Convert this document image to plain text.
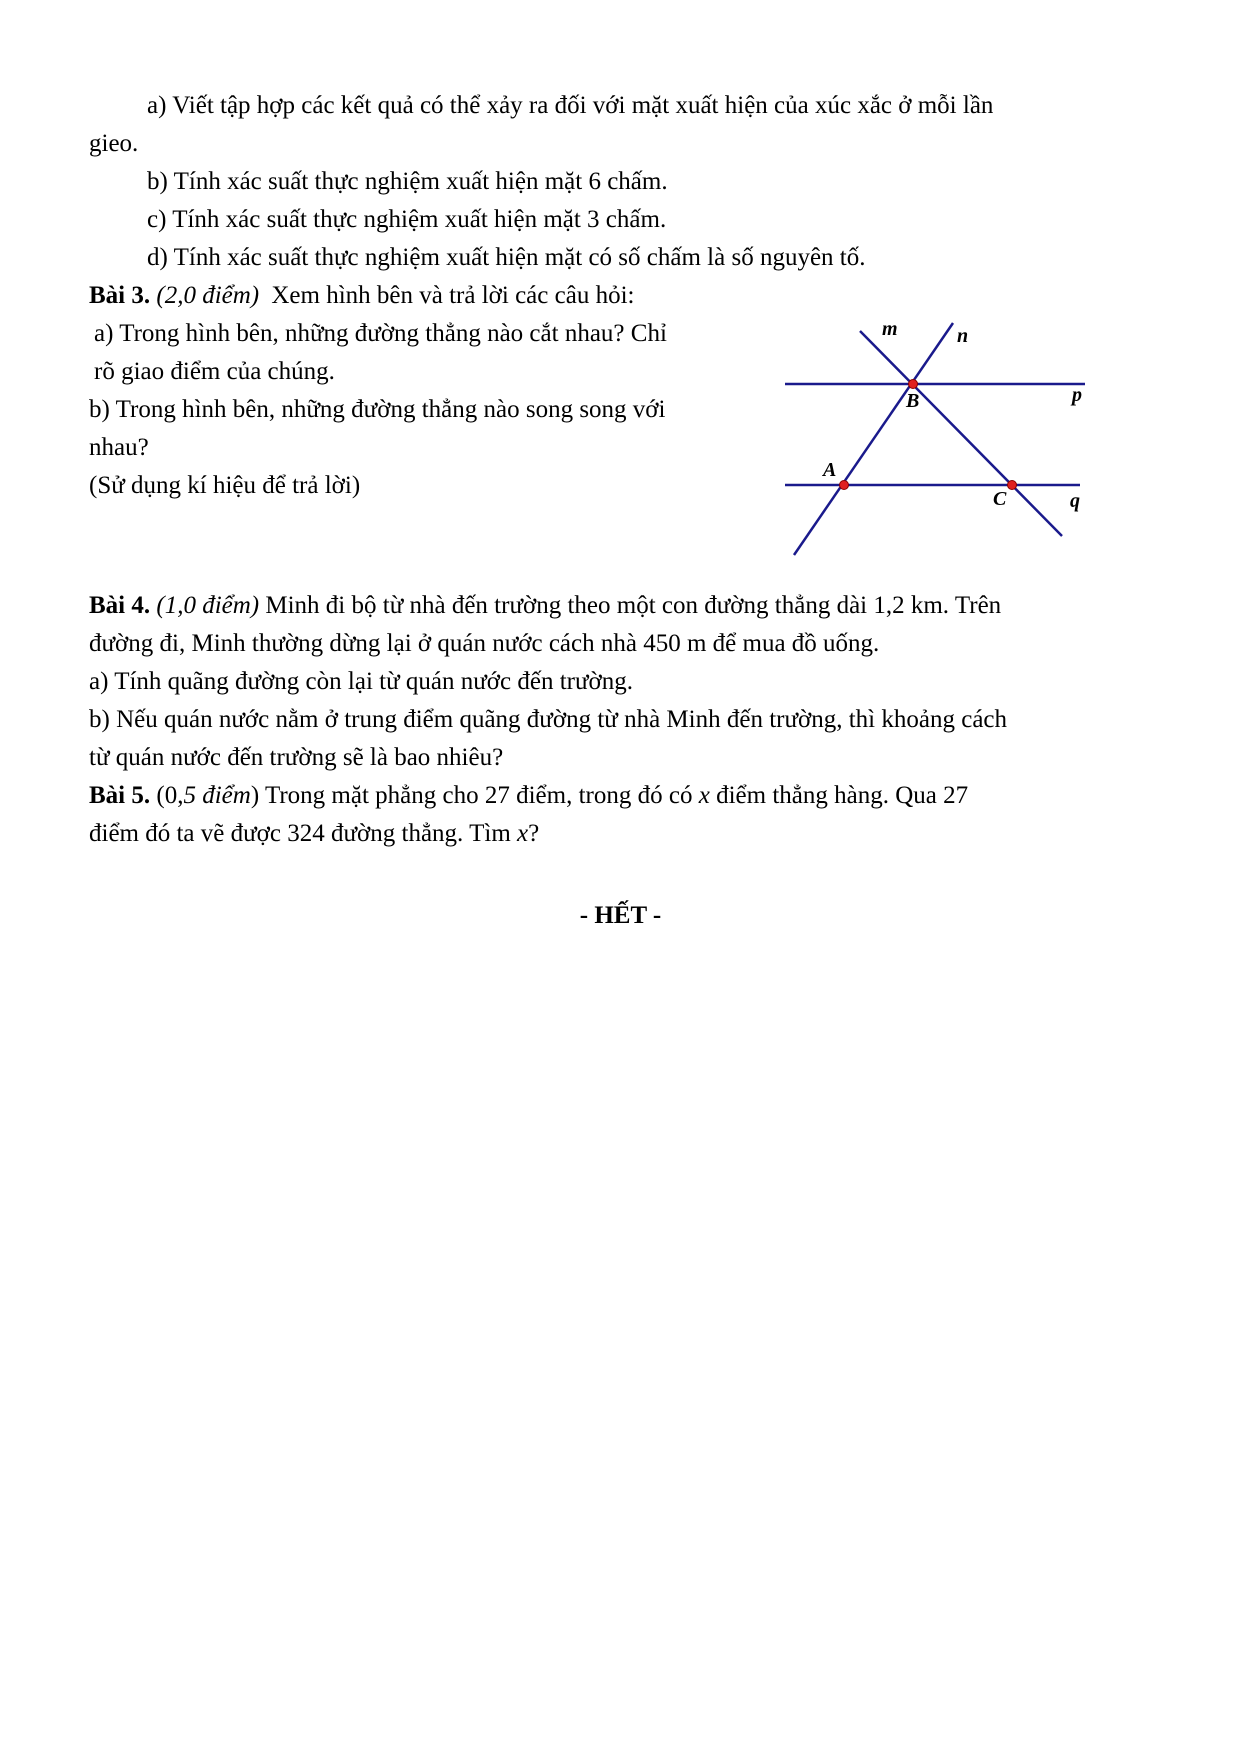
a) Viết tập hợp các kết quả có thể xảy ra đối với mặt xuất hiện của xúc xắc ở mỗi lần
gieo.
b) Tính xác suất thực nghiệm xuất hiện mặt 6 chấm.
c) Tính xác suất thực nghiệm xuất hiện mặt 3 chấm.
d) Tính xác suất thực nghiệm xuất hiện mặt có số chấm là số nguyên tố.
Bài 3. (2,0 điểm) Xem hình bên và trả lời các câu hỏi:
a) Trong hình bên, những đường thẳng nào cắt nhau? Chỉ
rõ giao điểm của chúng.
b) Trong hình bên, những đường thẳng nào song song với
nhau?
(Sử dụng kí hiệu để trả lời)
m	n
p
q
A
B
C
Bài 4. (1,0 điểm) Minh đi bộ từ nhà đến trường theo một con đường thẳng dài 1,2 km. Trên
đường đi, Minh thường dừng lại ở quán nước cách nhà 450 m để mua đồ uống.
a) Tính quãng đường còn lại từ quán nước đến trường.
b) Nếu quán nước nằm ở trung điểm quãng đường từ nhà Minh đến trường, thì khoảng cách
từ quán nước đến trường sẽ là bao nhiêu?
Bài 5. (0,5 điểm) Trong mặt phẳng cho 27 điểm, trong đó có x điểm thẳng hàng. Qua 27
điểm đó ta vẽ được 324 đường thẳng. Tìm x?
- HẾT -
